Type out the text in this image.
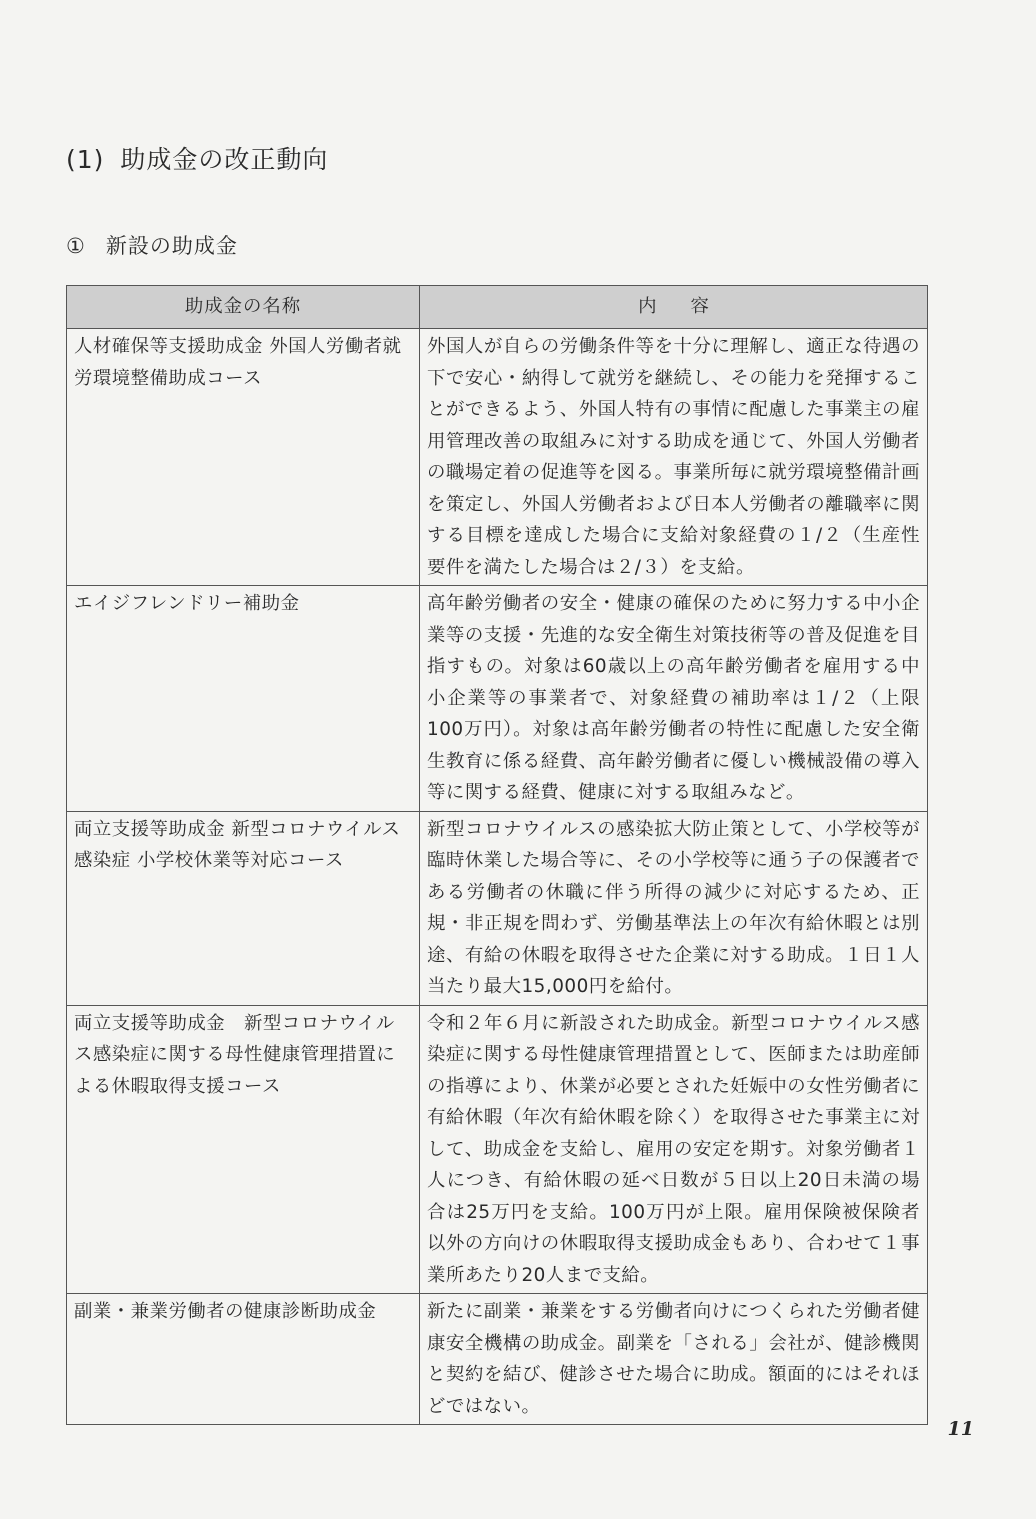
(1) 助成金の改正動向
① 新設の助成金
助成金の名称	内容
人材確保等支援助成金 外国人労働者就労環境整備助成コース	外国人が自らの労働条件等を十分に理解し、適正な待遇の下で安心・納得して就労を継続し、その能力を発揮することができるよう、外国人特有の事情に配慮した事業主の雇用管理改善の取組みに対する助成を通じて、外国人労働者の職場定着の促進等を図る。事業所毎に就労環境整備計画を策定し、外国人労働者および日本人労働者の離職率に関する目標を達成した場合に支給対象経費の１/２（生産性要件を満たした場合は２/３）を支給。
エイジフレンドリー補助金	高年齢労働者の安全・健康の確保のために努力する中小企業等の支援・先進的な安全衛生対策技術等の普及促進を目指すもの。対象は60歳以上の高年齢労働者を雇用する中小企業等の事業者で、対象経費の補助率は１/２（上限100万円）。対象は高年齢労働者の特性に配慮した安全衛生教育に係る経費、高年齢労働者に優しい機械設備の導入等に関する経費、健康に対する取組みなど。
両立支援等助成金 新型コロナウイルス感染症 小学校休業等対応コース	新型コロナウイルスの感染拡大防止策として、小学校等が臨時休業した場合等に、その小学校等に通う子の保護者である労働者の休職に伴う所得の減少に対応するため、正規・非正規を問わず、労働基準法上の年次有給休暇とは別途、有給の休暇を取得させた企業に対する助成。１日１人当たり最大15,000円を給付。
両立支援等助成金　新型コロナウイルス感染症に関する母性健康管理措置による休暇取得支援コース	令和２年６月に新設された助成金。新型コロナウイルス感染症に関する母性健康管理措置として、医師または助産師の指導により、休業が必要とされた妊娠中の女性労働者に有給休暇（年次有給休暇を除く）を取得させた事業主に対して、助成金を支給し、雇用の安定を期す。対象労働者１人につき、有給休暇の延べ日数が５日以上20日未満の場合は25万円を支給。100万円が上限。雇用保険被保険者以外の方向けの休暇取得支援助成金もあり、合わせて１事業所あたり20人まで支給。
副業・兼業労働者の健康診断助成金	新たに副業・兼業をする労働者向けにつくられた労働者健康安全機構の助成金。副業を「される」会社が、健診機関と契約を結び、健診させた場合に助成。額面的にはそれほどではない。
11
